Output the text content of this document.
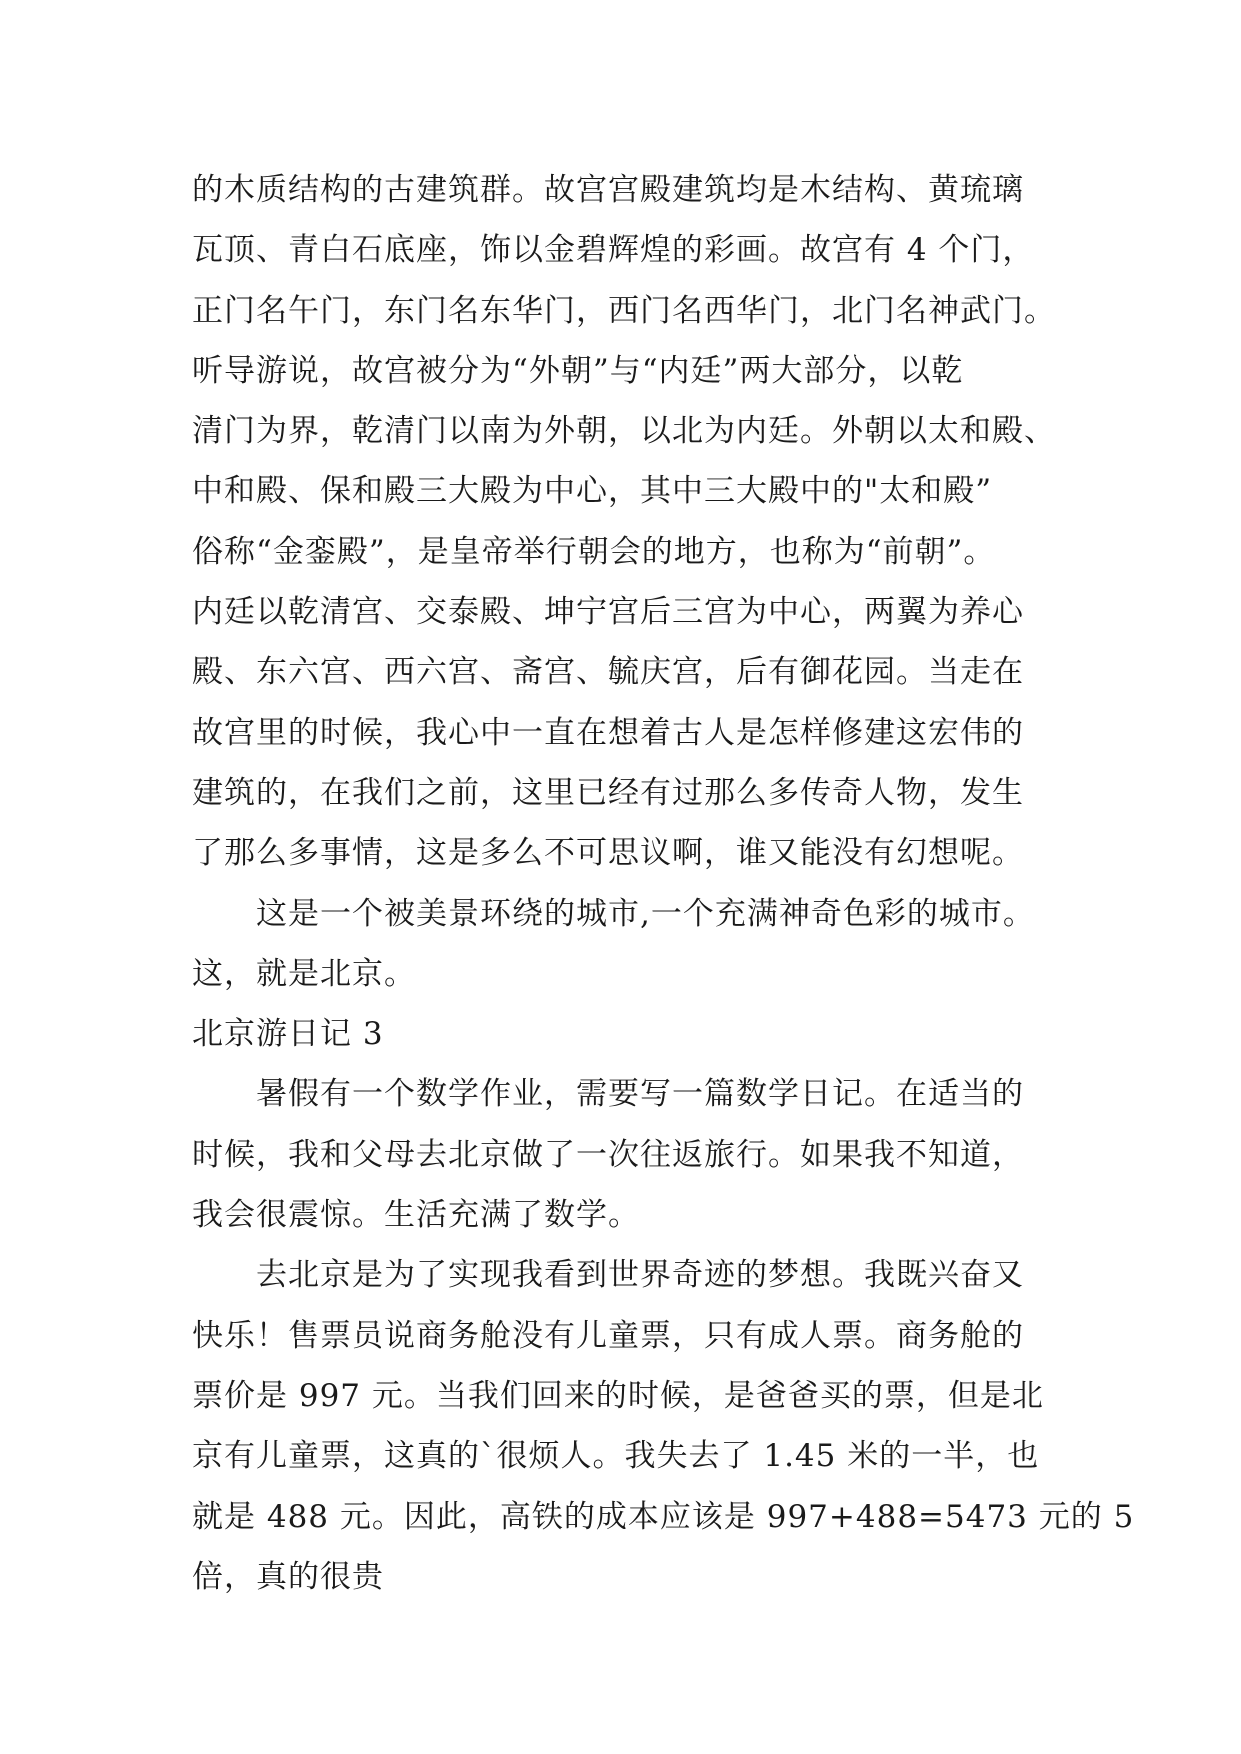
的木质结构的古建筑群。故宫宫殿建筑均是木结构、黄琉璃
瓦顶、青白石底座，饰以金碧辉煌的彩画。故宫有 4 个门，
正门名午门，东门名东华门，西门名西华门，北门名神武门。
听导游说，故宫被分为“外朝”与“内廷”两大部分，以乾
清门为界，乾清门以南为外朝，以北为内廷。外朝以太和殿、
中和殿、保和殿三大殿为中心，其中三大殿中的"太和殿”
俗称“金銮殿”，是皇帝举行朝会的地方，也称为“前朝”。
内廷以乾清宫、交泰殿、坤宁宫后三宫为中心，两翼为养心
殿、东六宫、西六宫、斋宫、毓庆宫，后有御花园。当走在
故宫里的时候，我心中一直在想着古人是怎样修建这宏伟的
建筑的，在我们之前，这里已经有过那么多传奇人物，发生
了那么多事情，这是多么不可思议啊，谁又能没有幻想呢。
这是一个被美景环绕的城市,一个充满神奇色彩的城市。
这，就是北京。
北京游日记 3
暑假有一个数学作业，需要写一篇数学日记。在适当的
时候，我和父母去北京做了一次往返旅行。如果我不知道，
我会很震惊。生活充满了数学。
去北京是为了实现我看到世界奇迹的梦想。我既兴奋又
快乐！售票员说商务舱没有儿童票，只有成人票。商务舱的
票价是 997 元。当我们回来的时候，是爸爸买的票，但是北
京有儿童票，这真的`很烦人。我失去了 1.45 米的一半，也
就是 488 元。因此，高铁的成本应该是 997+488=5473 元的 5
倍，真的很贵
